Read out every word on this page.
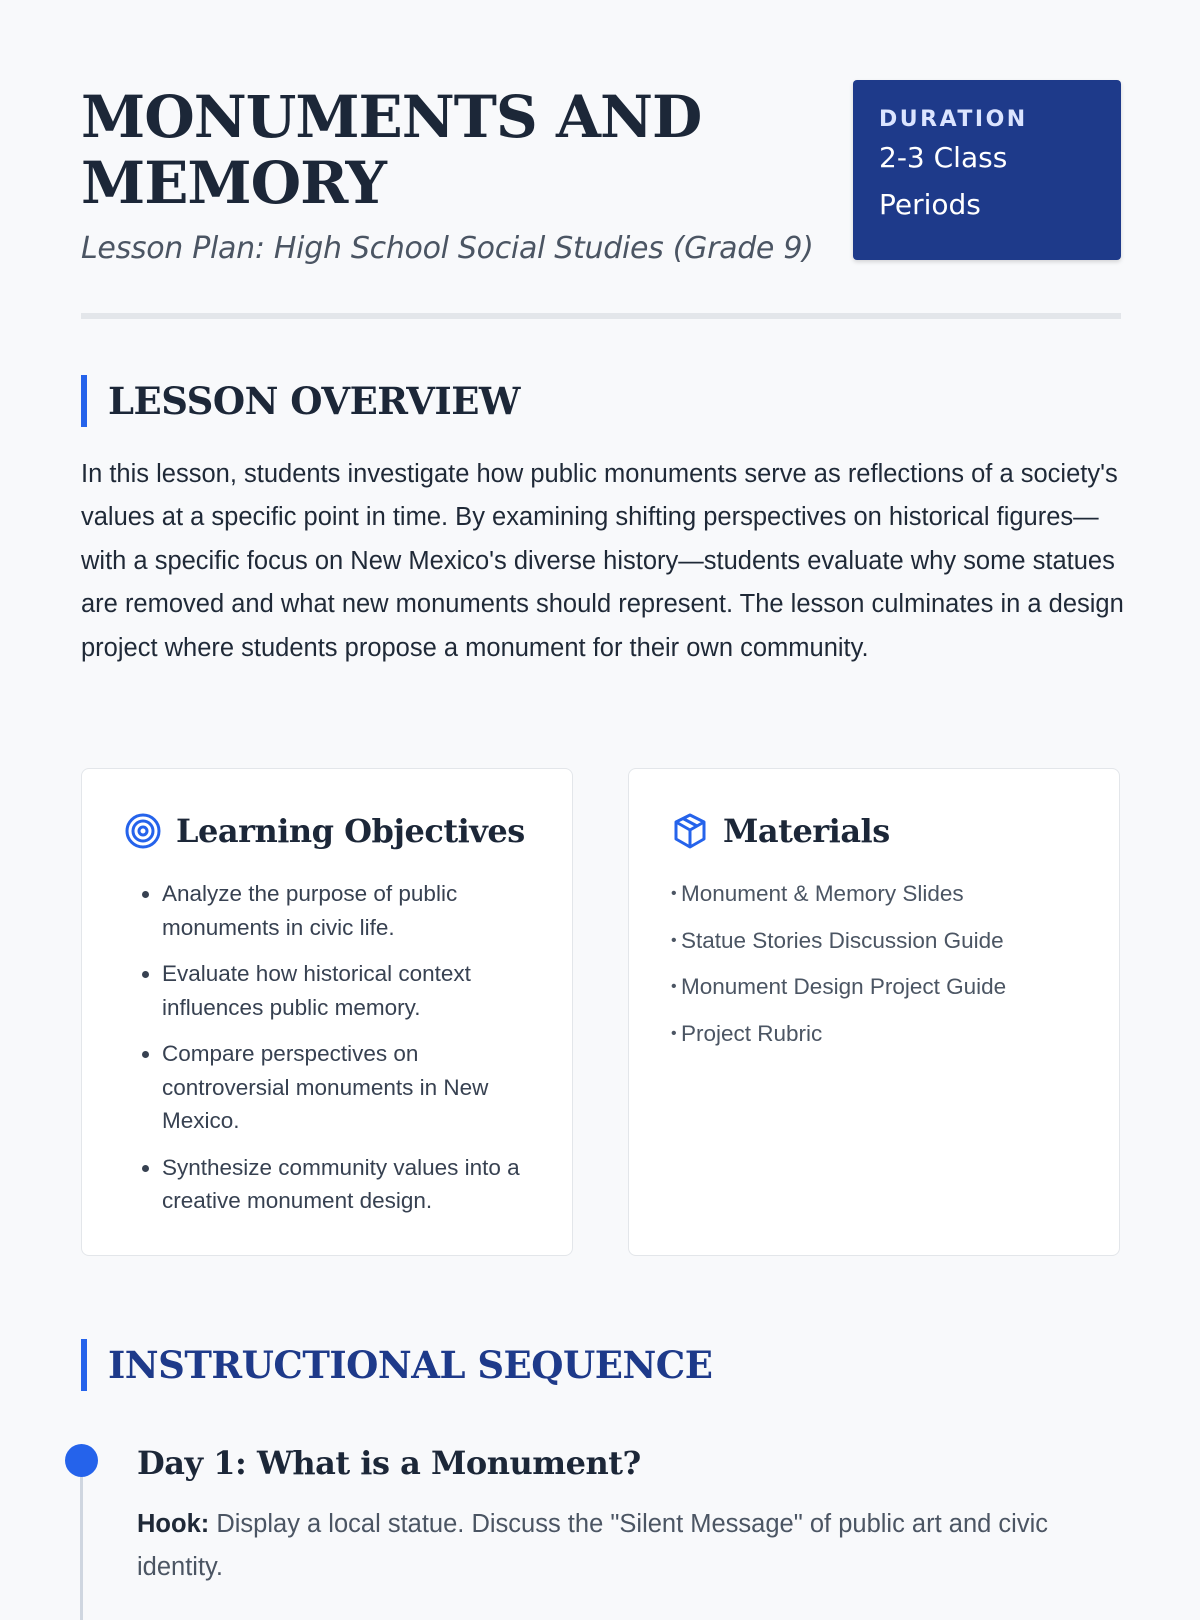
MONUMENTS AND
MEMORY

Lesson Plan: High School Social Studies (Grade 9)

DURATION
2-3 Class Periods
LESSON OVERVIEW

In this lesson, students investigate how public monuments serve as reflections of a society's values at a specific point in time. By examining shifting perspectives on historical figures—with a specific focus on New Mexico's diverse history—students evaluate why some statues are removed and what new monuments should represent. The lesson culminates in a design project where students propose a monument for their own community.

Learning Objectives
• Analyze the purpose of public monuments in civic life.
• Evaluate how historical context influences public memory.
• Compare perspectives on controversial monuments in New Mexico.
• Synthesize community values into a creative monument design.
Materials
• Monument & Memory Slides
• Statue Stories Discussion Guide
• Monument Design Project Guide
• Project Rubric
INSTRUCTIONAL SEQUENCE
Day 1: What is a Monument?

Hook: Display a local statue. Discuss the "Silent Message" of public art and civic identity.
